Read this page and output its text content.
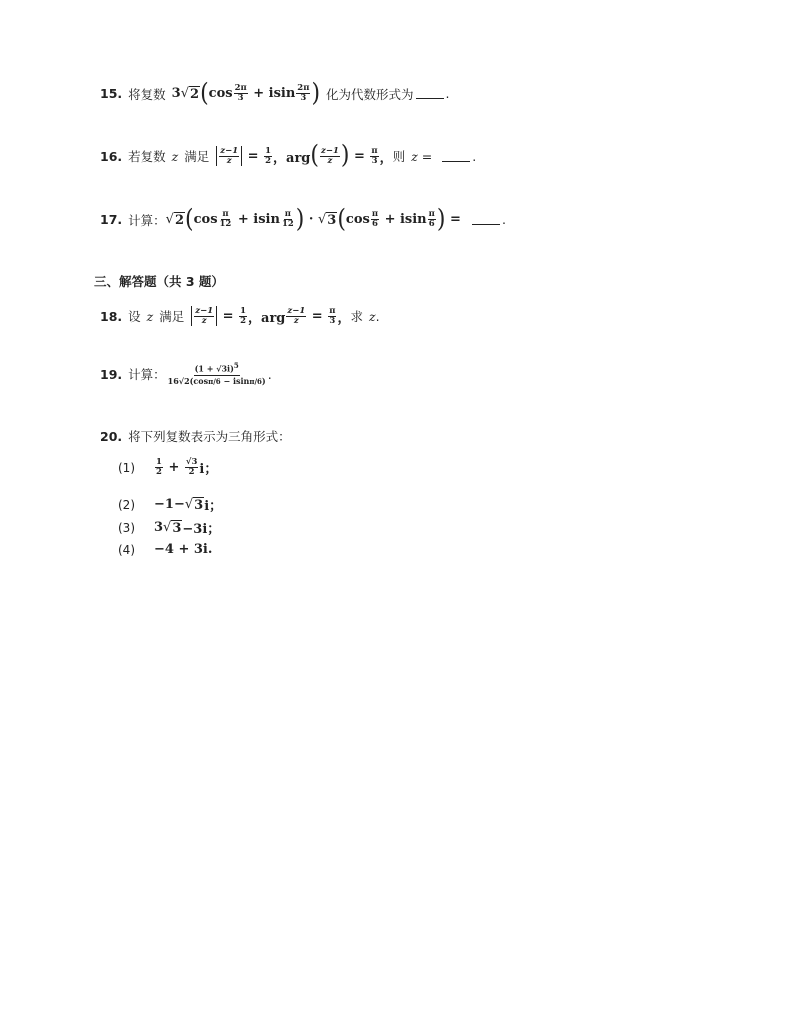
15. 将复数 3 √ 2 ( $\cos \frac{2\pi}{3} + isin \frac{2\pi}{3}$ ) 化为代数形式为	.
16. 若复数 z 满足 $\frac{z-1}{z} = \frac{1}{2}$ ，arg ( $\frac{z-1}{z}$ ) = $\frac{\pi}{3}$ ， 则 z =	.
17. 计算： √ 2 ( $\cos \frac{\pi}{12} + isin \frac{\pi}{12}$ ) · √ 3 ( $\cos \frac{\pi}{6} + isin \frac{\pi}{6}$ ) =	.
三、解答题（共 3 题）
18. 设 z 满足 $\frac{z-1}{z} = \frac{1}{2}$ ，arg $\frac{z-1}{z} = \frac{\pi}{3}$ ， 求 z .
19. 计算： $\frac{(1 + √3i)^5}{16√2(\cos\pi/6 - isin\pi/6)}$ .
20. 将下列复数表示为三角形式：
(1)	$\frac{1}{2} + \frac{√3}{2}$ i；
(2)	−1− √ 3 i；
(3)	3 √ 3 −3i；
(4)	−4 + 3i.
